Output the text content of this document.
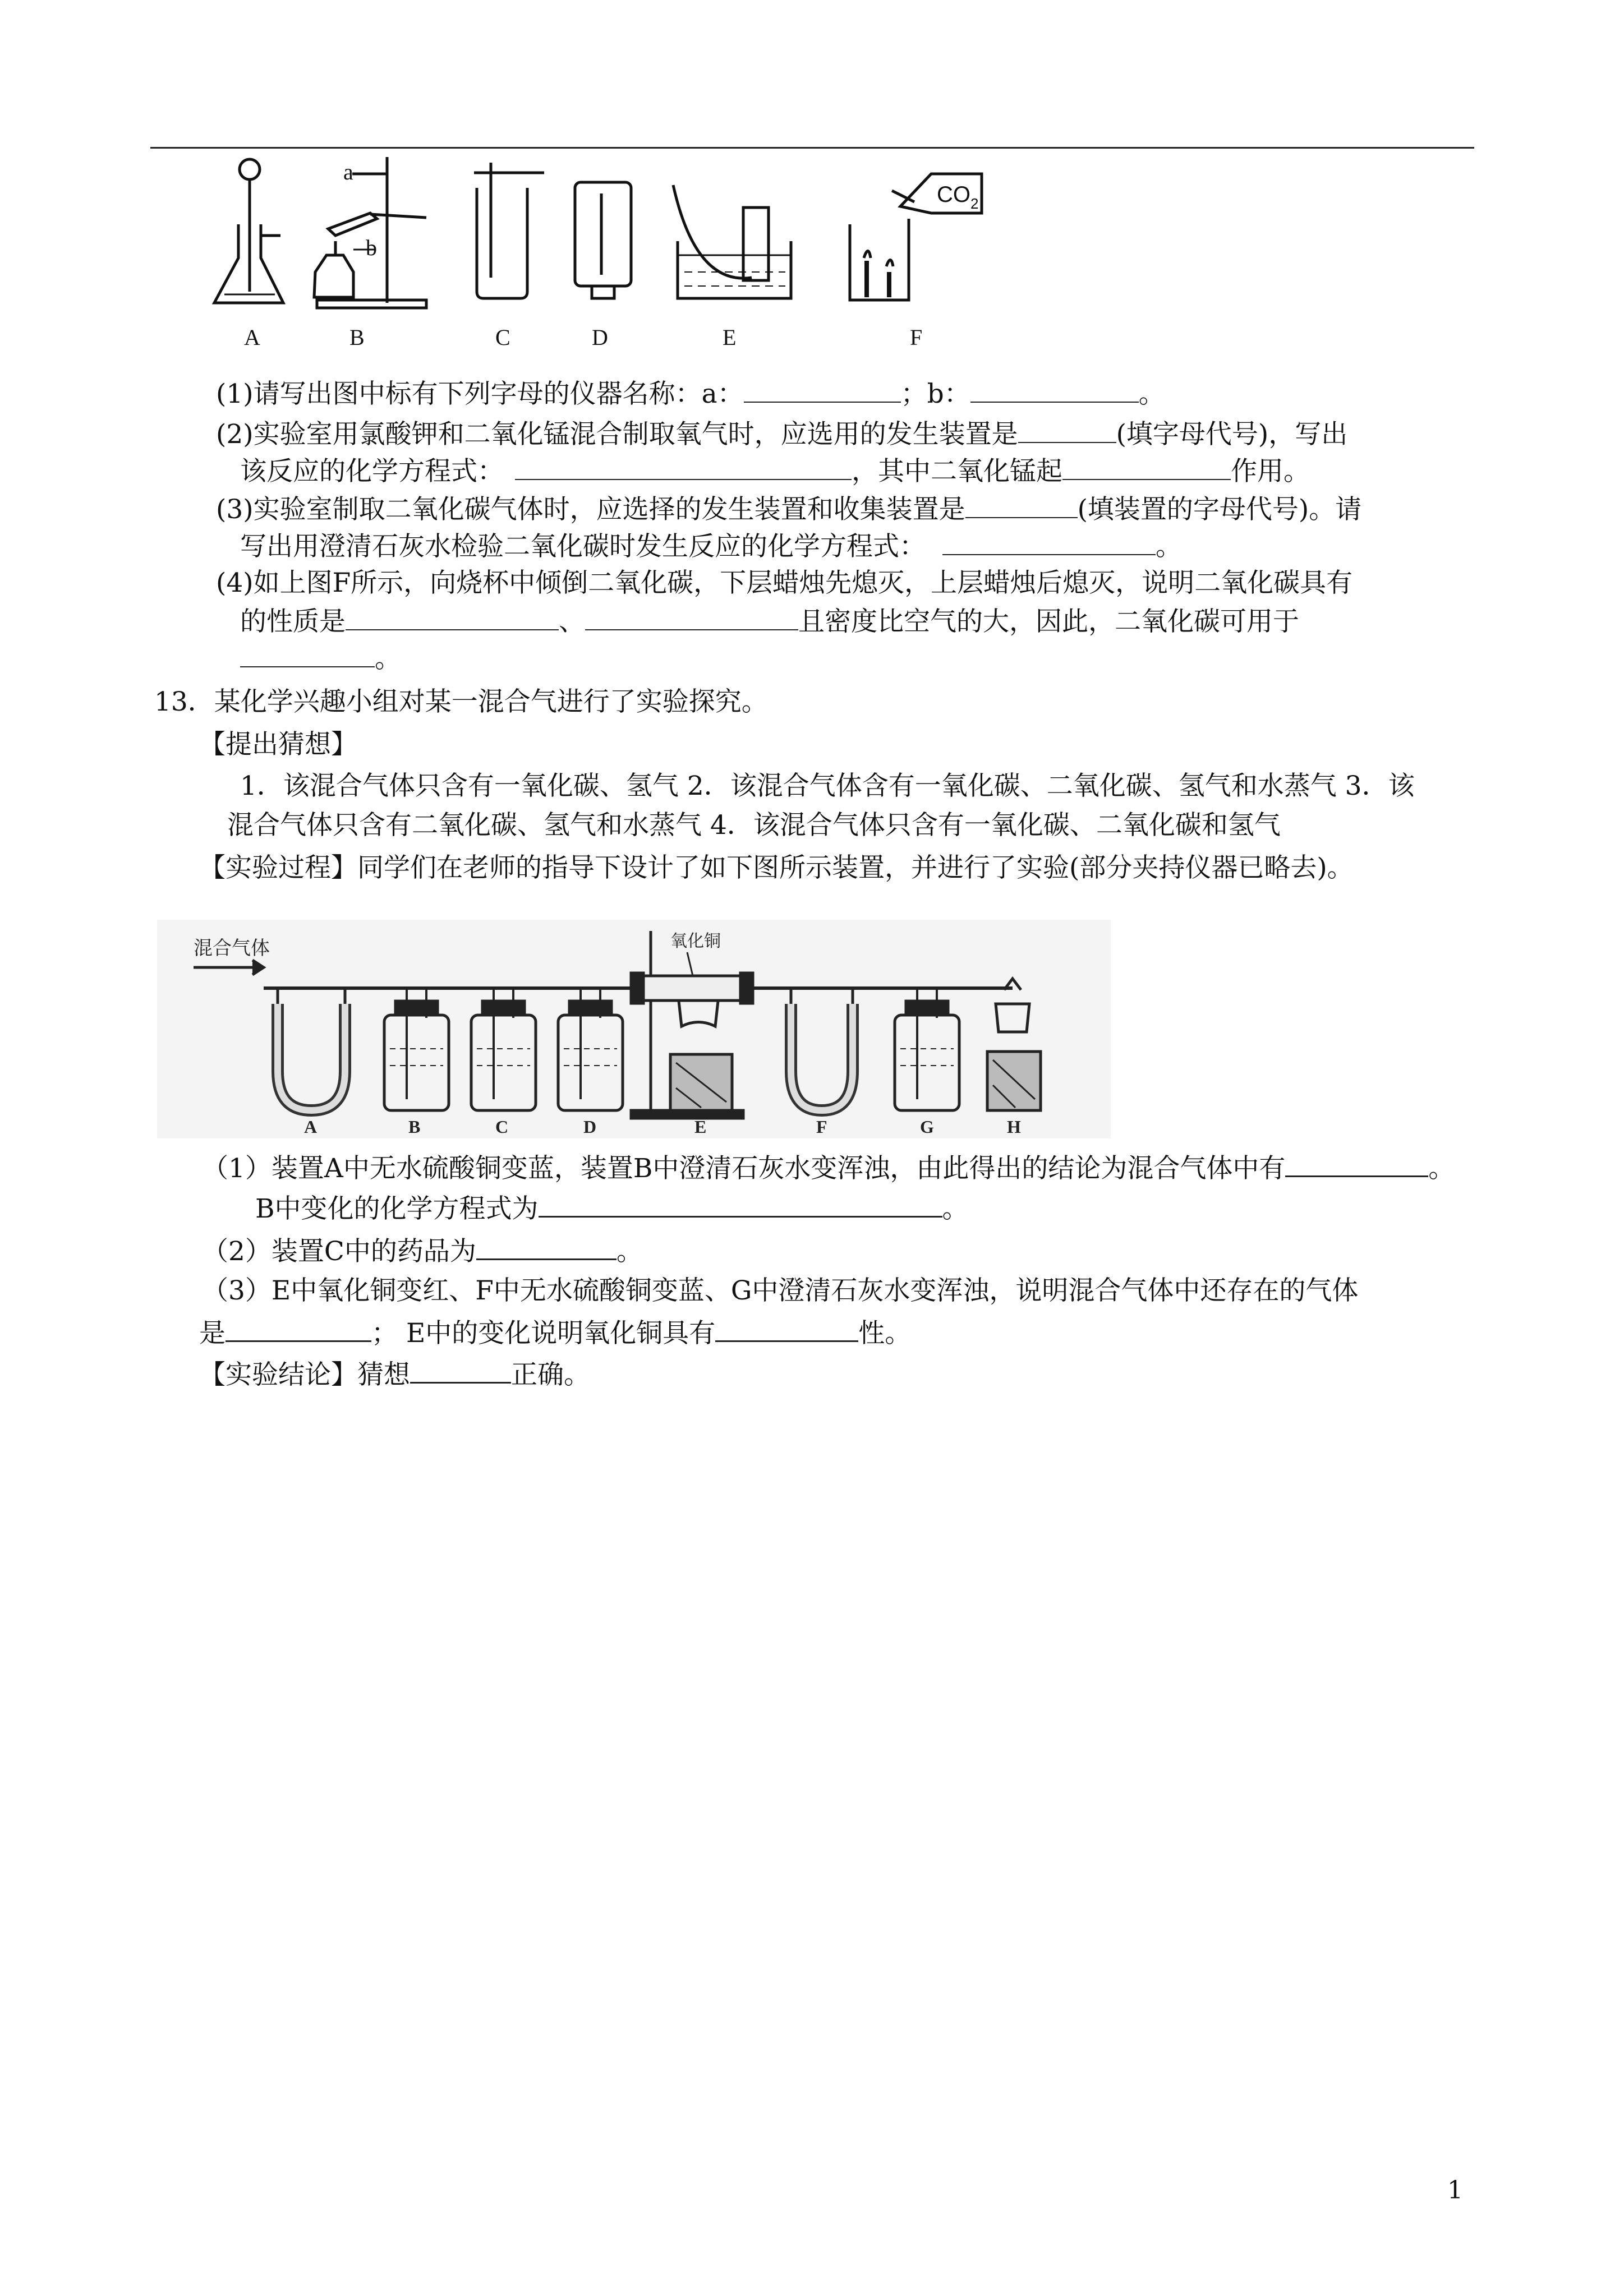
a
b
$CO_2$
A	B	C	D	E	F
(1)请写出图中标有下列字母的仪器名称：a：	；b：	。
(2)实验室用氯酸钾和二氧化锰混合制取氧气时，应选用的发生装置是	(填字母代号)，写出
该反应的化学方程式：	，其中二氧化锰起	作用。
(3)实验室制取二氧化碳气体时，应选择的发生装置和收集装置是	(填装置的字母代号)。请
写出用澄清石灰水检验二氧化碳时发生反应的化学方程式：	。
(4)如上图F所示，向烧杯中倾倒二氧化碳，下层蜡烛先熄灭，上层蜡烛后熄灭，说明二氧化碳具有
的性质是	、	且密度比空气的大，因此，二氧化碳可用于
。
13．某化学兴趣小组对某一混合气进行了实验探究。
【提出猜想】
1．该混合气体只含有一氧化碳、氢气 2．该混合气体含有一氧化碳、二氧化碳、氢气和水蒸气 3．该
混合气体只含有二氧化碳、氢气和水蒸气 4．该混合气体只含有一氧化碳、二氧化碳和氢气
【实验过程】同学们在老师的指导下设计了如下图所示装置，并进行了实验(部分夹持仪器已略去)。
混合气体	氧化铜
A	B	C	D	E	F	G	H
（1）装置A中无水硫酸铜变蓝，装置B中澄清石灰水变浑浊，由此得出的结论为混合气体中有	。
B中变化的化学方程式为	。
（2）装置C中的药品为	。
（3）E中氧化铜变红、F中无水硫酸铜变蓝、G中澄清石灰水变浑浊，说明混合气体中还存在的气体
是	； E中的变化说明氧化铜具有	性。
【实验结论】猜想	正确。
1
